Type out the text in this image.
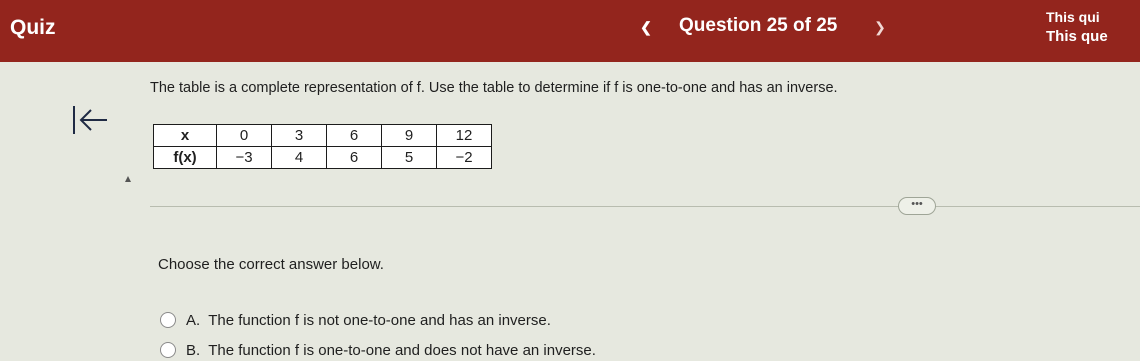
Quiz	❮ Question 25 of 25	❯
This qui
This que
The table is a complete representation of f. Use the table to determine if f is one-to-one and has an inverse.
x	0	3	6	9	12
f(x)	−3	4	6	5	−2
•••
Choose the correct answer below.
A. The function f is not one-to-one and has an inverse.
B. The function f is one-to-one and does not have an inverse.
